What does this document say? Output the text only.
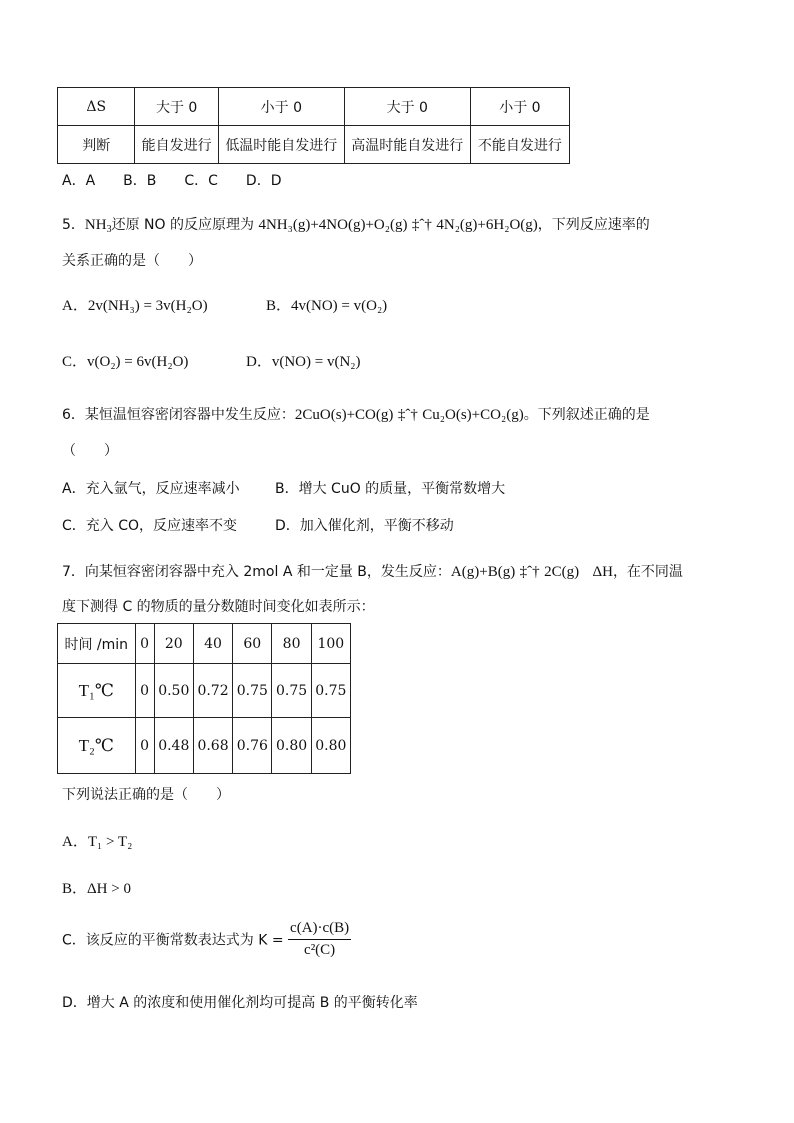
ΔS	大于 0	小于 0	大于 0	小于 0
判断	能自发进行	低温时能自发进行	高温时能自发进行	不能自发进行
A．A　　B．B　　C．C　　D．D
5．$NH_3$还原 NO 的反应原理为 4NH₃(g)+4NO(g)+O₂(g) ‡ˆ† 4N₂(g)+6H₂O(g)，下列反应速率的
关系正确的是（　　）
A．2v(NH₃) = 3v(H₂O)	B．4v(NO) = v(O₂)
C．v(O₂) = 6v(H₂O)	D．v(NO) = v(N₂)
6．某恒温恒容密闭容器中发生反应：2CuO(s)+CO(g) ‡ˆ† Cu₂O(s)+CO₂(g)。下列叙述正确的是
（　　）
A．充入氩气，反应速率减小	B．增大 CuO 的质量，平衡常数增大
C．充入 CO，反应速率不变	D．加入催化剂，平衡不移动
7．向某恒容密闭容器中充入 2mol A 和一定量 B，发生反应：A(g)+B(g) ‡ˆ† 2C(g) ΔH，在不同温
度下测得 C 的物质的量分数随时间变化如表所示：
时间 /min	0	20	40	60	80	100
T₁℃	0	0.50	0.72	0.75	0.75	0.75
T₂℃	0	0.48	0.68	0.76	0.80	0.80
下列说法正确的是（　　）
A．T₁ > T₂
B．ΔH > 0
C．该反应的平衡常数表达式为 $K = \frac{c(A)\cdot c(B)}{\text{c²(C)}}$
D．增大 A 的浓度和使用催化剂均可提高 B 的平衡转化率
